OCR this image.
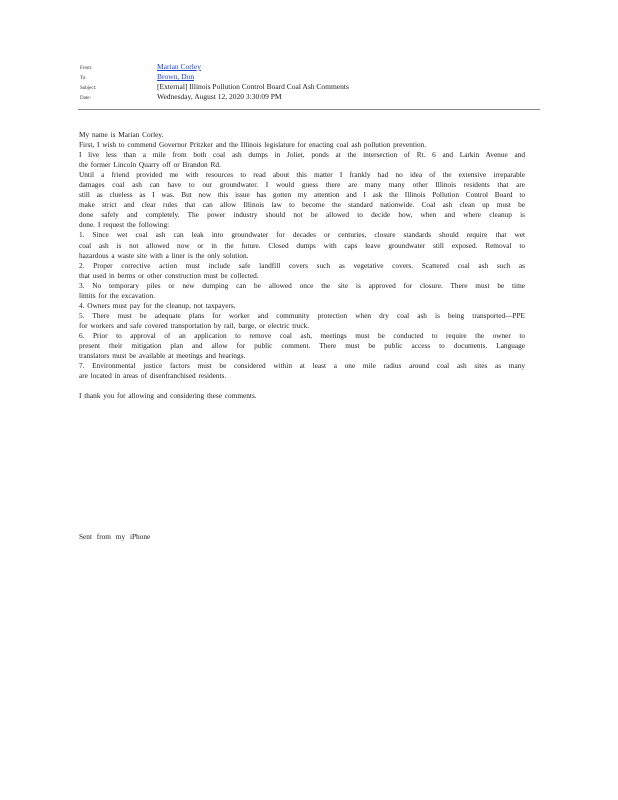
From:	Marian Corley
To:	Brown, Don
Subject:	[External] Illinois Pollution Control Board Coal Ash Comments
Date:	Wednesday, August 12, 2020 3:30:09 PM
My name is Marian Corley.
First, I wish to commend Governor Pritzker and the Illinois legislature for enacting coal ash pollution prevention.
I live less than a mile from both coal ash dumps in Joliet, ponds at the intersection of Rt. 6 and Larkin Avenue and
the former Lincoln Quarry off or Brandon Rd.
Until a friend provided me with resources to read about this matter I frankly had no idea of the extensive irreparable
damages coal ash can have to our groundwater. I would guess there are many many other Illinois residents that are
still as clueless as I was. But now this issue has gotten my attention and I ask the Illinois Pollution Control Board to
make strict and clear rules that can allow Illinois law to become the standard nationwide. Coal ash clean up must be
done safely and completely. The power industry should not be allowed to decide how, when and where cleanup is
done. I request the following:
1. Since wet coal ash can leak into groundwater for decades or centuries, closure standards should require that wet
coal ash is not allowed now or in the future. Closed dumps with caps leave groundwater still exposed. Removal to
hazardous a waste site with a liner is the only solution.
2. Proper corrective action must include safe landfill covers such as vegetative covers. Scattered coal ash such as
that used in berms or other construction must be collected.
3. No temporary piles or new dumping can be allowed once the site is approved for closure. There must be time
limits for the excavation.
4. Owners must pay for the cleanup, not taxpayers.
5. There must be adequate plans for worker and community protection when dry coal ash is being transported—PPE
for workers and safe covered transportation by rail, barge, or electric truck.
6. Prior to approval of an application to remove coal ash, meetings must be conducted to require the owner to
present their mitigation plan and allow for public comment. There must be public access to documents. Language
translators must be available at meetings and hearings.
7. Environmental justice factors must be considered within at least a one mile radius around coal ash sites as many
are located in areas of disenfranchised residents.
I thank you for allowing and considering these comments.
Sent from my iPhone
